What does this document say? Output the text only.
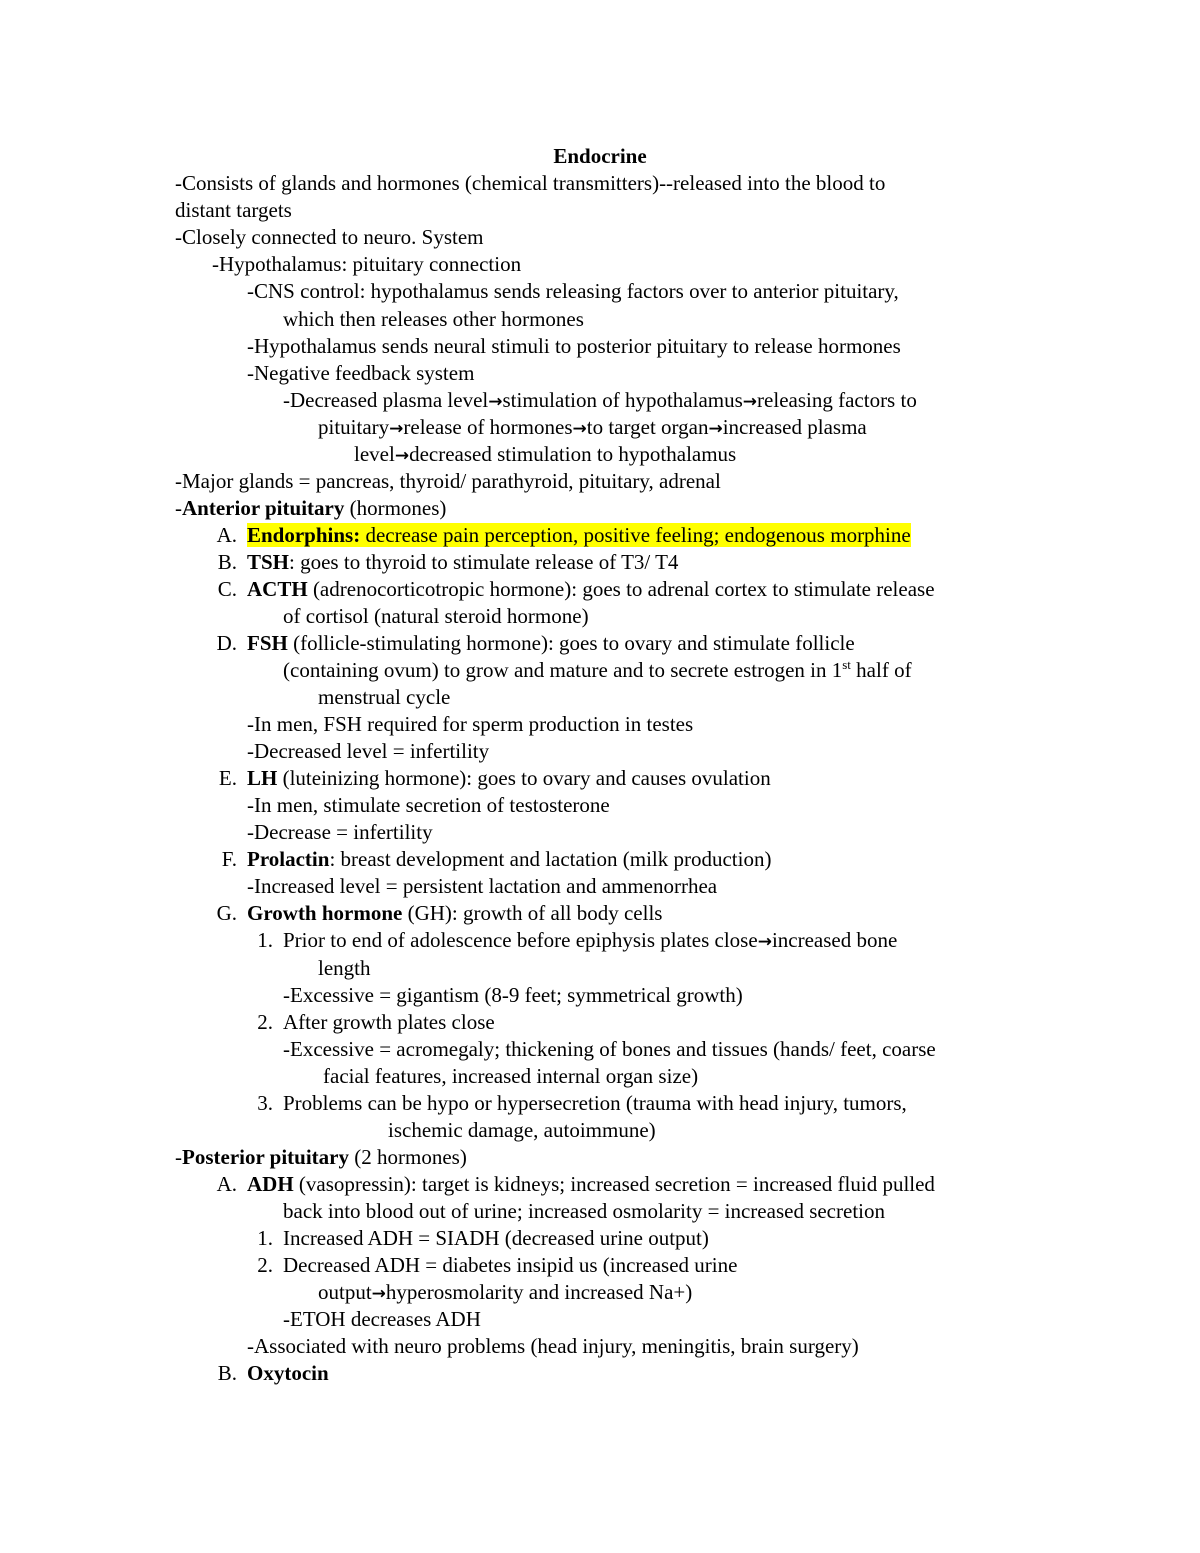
Endocrine
-Consists of glands and hormones (chemical transmitters)--released into the blood to
distant targets
-Closely connected to neuro. System
-Hypothalamus: pituitary connection
-CNS control: hypothalamus sends releasing factors over to anterior pituitary,
which then releases other hormones
-Hypothalamus sends neural stimuli to posterior pituitary to release hormones
-Negative feedback system
-Decreased plasma level→stimulation of hypothalamus→releasing factors to
pituitary→release of hormones→to target organ→increased plasma
level→decreased stimulation to hypothalamus
-Major glands = pancreas, thyroid/ parathyroid, pituitary, adrenal
-Anterior pituitary (hormones)
A. Endorphins: decrease pain perception, positive feeling; endogenous morphine
B. TSH: goes to thyroid to stimulate release of T3/ T4
C. ACTH (adrenocorticotropic hormone): goes to adrenal cortex to stimulate release
of cortisol (natural steroid hormone)
D. FSH (follicle-stimulating hormone): goes to ovary and stimulate follicle
(containing ovum) to grow and mature and to secrete estrogen in 1st half of
menstrual cycle
-In men, FSH required for sperm production in testes
-Decreased level = infertility
E. LH (luteinizing hormone): goes to ovary and causes ovulation
-In men, stimulate secretion of testosterone
-Decrease = infertility
F. Prolactin: breast development and lactation (milk production)
-Increased level = persistent lactation and ammenorrhea
G. Growth hormone (GH): growth of all body cells
1. Prior to end of adolescence before epiphysis plates close→increased bone
length
-Excessive = gigantism (8-9 feet; symmetrical growth)
2. After growth plates close
-Excessive = acromegaly; thickening of bones and tissues (hands/ feet, coarse
facial features, increased internal organ size)
3. Problems can be hypo or hypersecretion (trauma with head injury, tumors,
ischemic damage, autoimmune)
-Posterior pituitary (2 hormones)
A. ADH (vasopressin): target is kidneys; increased secretion = increased fluid pulled
back into blood out of urine; increased osmolarity = increased secretion
1. Increased ADH = SIADH (decreased urine output)
2. Decreased ADH = diabetes insipid us (increased urine
output→hyperosmolarity and increased Na+)
-ETOH decreases ADH
-Associated with neuro problems (head injury, meningitis, brain surgery)
B. Oxytocin
